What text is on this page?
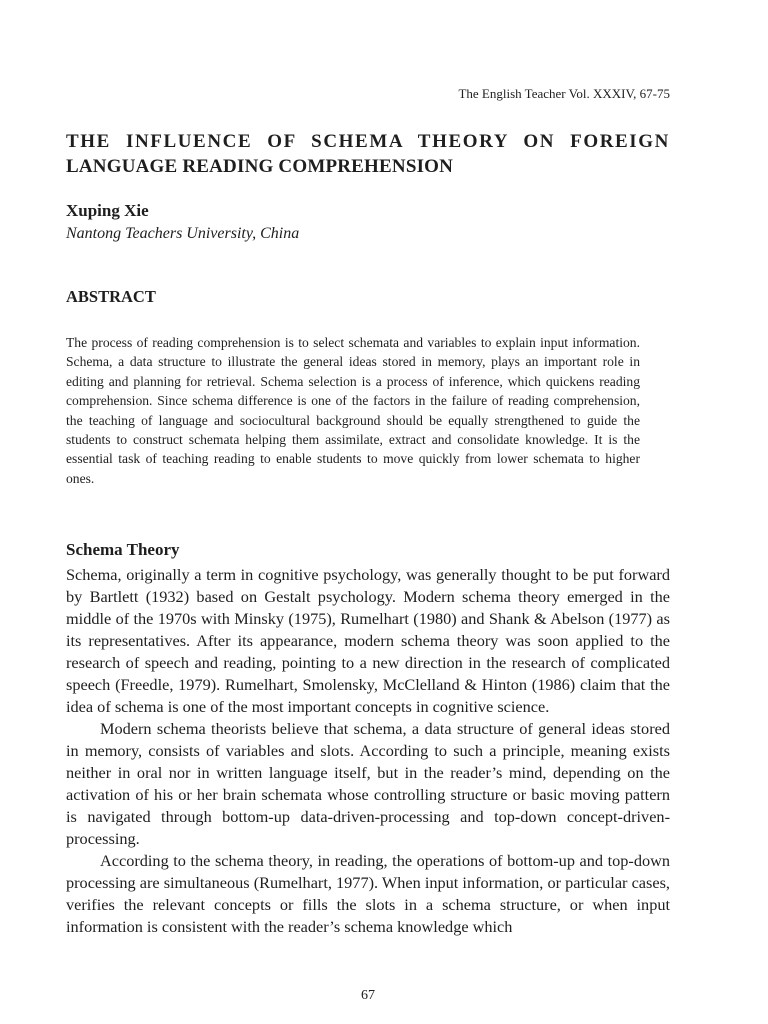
The English Teacher Vol. XXXIV, 67-75
THE INFLUENCE OF SCHEMA THEORY ON FOREIGN
LANGUAGE READING COMPREHENSION
Xuping Xie
Nantong Teachers University, China
ABSTRACT

The process of reading comprehension is to select schemata and variables to explain input information. Schema, a data structure to illustrate the general ideas stored in memory, plays an important role in editing and planning for retrieval. Schema selection is a process of inference, which quickens reading comprehension. Since schema difference is one of the factors in the failure of reading comprehension, the teaching of language and sociocultural background should be equally strengthened to guide the students to construct schemata helping them assimilate, extract and consolidate knowledge. It is the essential task of teaching reading to enable students to move quickly from lower schemata to higher ones.

Schema Theory

Schema, originally a term in cognitive psychology, was generally thought to be put forward by Bartlett (1932) based on Gestalt psychology. Modern schema theory emerged in the middle of the 1970s with Minsky (1975), Rumelhart (1980) and Shank & Abelson (1977) as its representatives. After its appearance, modern schema theory was soon applied to the research of speech and reading, pointing to a new direction in the research of complicated speech (Freedle, 1979). Rumelhart, Smolensky, McClelland & Hinton (1986) claim that the idea of schema is one of the most important concepts in cognitive science.

Modern schema theorists believe that schema, a data structure of general ideas stored in memory, consists of variables and slots. According to such a principle, meaning exists neither in oral nor in written language itself, but in the reader’s mind, depending on the activation of his or her brain schemata whose controlling structure or basic moving pattern is navigated through bottom-up data-driven-processing and top-down concept-driven-processing.

According to the schema theory, in reading, the operations of bottom-up and top-down processing are simultaneous (Rumelhart, 1977). When input information, or particular cases, verifies the relevant concepts or fills the slots in a schema structure, or when input information is consistent with the reader’s schema knowledge which

67
